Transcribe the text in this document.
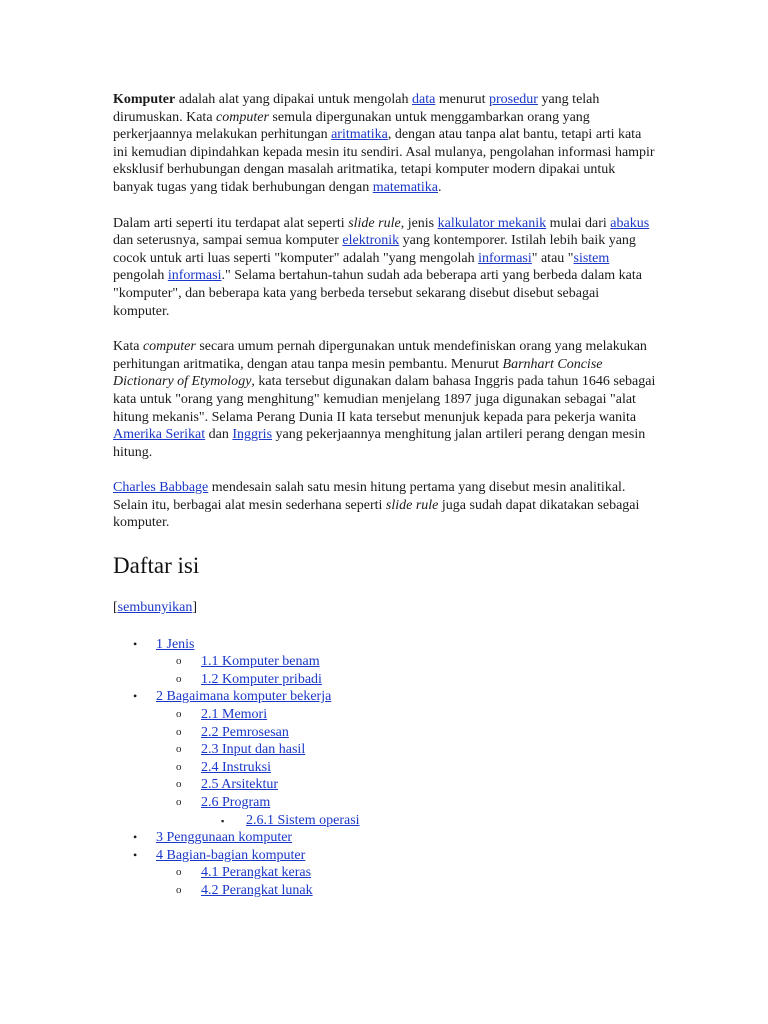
Komputer adalah alat yang dipakai untuk mengolah data menurut prosedur yang telah dirumuskan. Kata computer semula dipergunakan untuk menggambarkan orang yang perkerjaannya melakukan perhitungan aritmatika, dengan atau tanpa alat bantu, tetapi arti kata ini kemudian dipindahkan kepada mesin itu sendiri. Asal mulanya, pengolahan informasi hampir eksklusif berhubungan dengan masalah aritmatika, tetapi komputer modern dipakai untuk banyak tugas yang tidak berhubungan dengan matematika.

Dalam arti seperti itu terdapat alat seperti slide rule, jenis kalkulator mekanik mulai dari abakus dan seterusnya, sampai semua komputer elektronik yang kontemporer. Istilah lebih baik yang cocok untuk arti luas seperti "komputer" adalah "yang mengolah informasi" atau "sistem pengolah informasi." Selama bertahun-tahun sudah ada beberapa arti yang berbeda dalam kata "komputer", dan beberapa kata yang berbeda tersebut sekarang disebut disebut sebagai komputer.

Kata computer secara umum pernah dipergunakan untuk mendefiniskan orang yang melakukan perhitungan aritmatika, dengan atau tanpa mesin pembantu. Menurut Barnhart Concise Dictionary of Etymology, kata tersebut digunakan dalam bahasa Inggris pada tahun 1646 sebagai kata untuk "orang yang menghitung" kemudian menjelang 1897 juga digunakan sebagai "alat hitung mekanis". Selama Perang Dunia II kata tersebut menunjuk kepada para pekerja wanita Amerika Serikat dan Inggris yang pekerjaannya menghitung jalan artileri perang dengan mesin hitung.

Charles Babbage mendesain salah satu mesin hitung pertama yang disebut mesin analitikal. Selain itu, berbagai alat mesin sederhana seperti slide rule juga sudah dapat dikatakan sebagai komputer.

Daftar isi
[sembunyikan]
• 1 Jenis
o 1.1 Komputer benam
o 1.2 Komputer pribadi
• 2 Bagaimana komputer bekerja
o 2.1 Memori
o 2.2 Pemrosesan
o 2.3 Input dan hasil
o 2.4 Instruksi
o 2.5 Arsitektur
o 2.6 Program
▪ 2.6.1 Sistem operasi
• 3 Penggunaan komputer
• 4 Bagian-bagian komputer
o 4.1 Perangkat keras
o 4.2 Perangkat lunak
